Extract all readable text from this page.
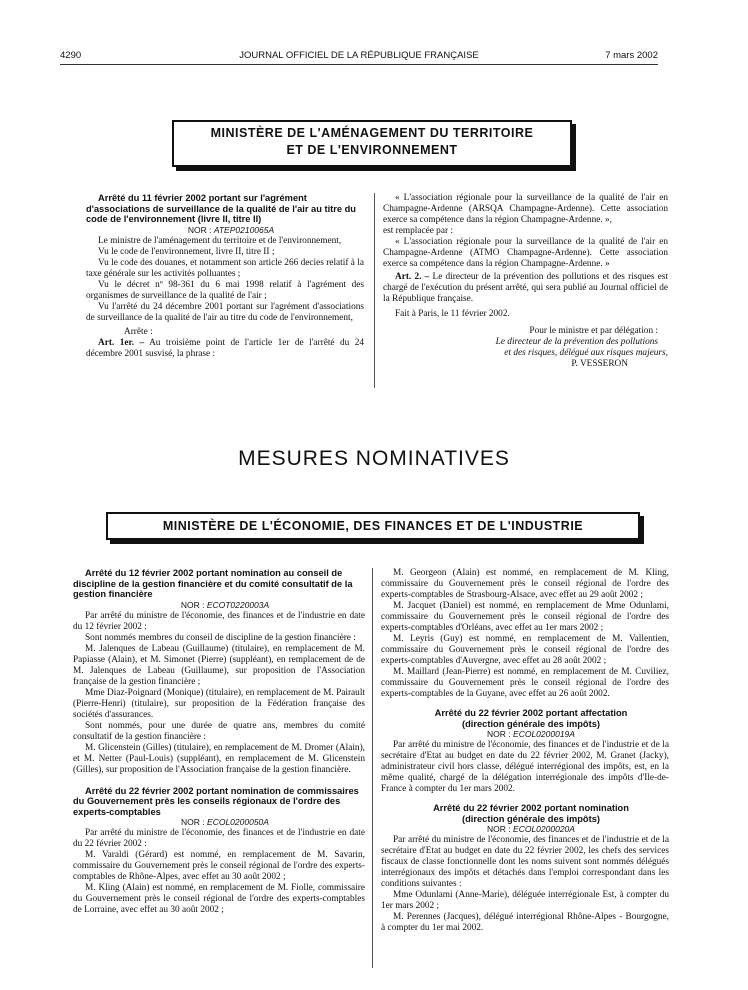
4290	JOURNAL OFFICIEL DE LA RÉPUBLIQUE FRANÇAISE	7 mars 2002
MINISTÈRE DE L'AMÉNAGEMENT DU TERRITOIRE
ET DE L'ENVIRONNEMENT

Arrêté du 11 février 2002 portant sur l'agrément d'associations de surveillance de la qualité de l'air au titre du code de l'environnement (livre II, titre II)

NOR : ATEP0210065A

Le ministre de l'aménagement du territoire et de l'environnement,

Vu le code de l'environnement, livre II, titre II ;

Vu le code des douanes, et notamment son article 266 decies relatif à la taxe générale sur les activités polluantes ;

Vu le décret nº 98-361 du 6 mai 1998 relatif à l'agrément des organismes de surveillance de la qualité de l'air ;

Vu l'arrêté du 24 décembre 2001 portant sur l'agrément d'associations de surveillance de la qualité de l'air au titre du code de l'environnement,

Arrête :

Art. 1er. – Au troisième point de l'article 1er de l'arrêté du 24 décembre 2001 susvisé, la phrase :

« L'association régionale pour la surveillance de la qualité de l'air en Champagne-Ardenne (ARSQA Champagne-Ardenne). Cette association exerce sa compétence dans la région Champagne-Ardenne. »,

est remplacée par :

« L'association régionale pour la surveillance de la qualité de l'air en Champagne-Ardenne (ATMO Champagne-Ardenne). Cette association exerce sa compétence dans la région Champagne-Ardenne. »

Art. 2. – Le directeur de la prévention des pollutions et des risques est chargé de l'exécution du présent arrêté, qui sera publié au Journal officiel de la République française.

Fait à Paris, le 11 février 2002.

Pour le ministre et par délégation :

Le directeur de la prévention des pollutions

et des risques, délégué aux risques majeurs,

P. VESSERON

MESURES NOMINATIVES
MINISTÈRE DE L'ÉCONOMIE, DES FINANCES ET DE L'INDUSTRIE

Arrêté du 12 février 2002 portant nomination au conseil de discipline de la gestion financière et du comité consultatif de la gestion financière

NOR : ECOT0220003A

Par arrêté du ministre de l'économie, des finances et de l'industrie en date du 12 février 2002 :

Sont nommés membres du conseil de discipline de la gestion financière :

M. Jalenques de Labeau (Guillaume) (titulaire), en remplacement de M. Papiasse (Alain), et M. Simonet (Pierre) (suppléant), en remplacement de de M. Jalenques de Labeau (Guillaume), sur proposition de l'Association française de la gestion financière ;

Mme Diaz-Poignard (Monique) (titulaire), en remplacement de M. Pairault (Pierre-Henri) (titulaire), sur proposition de la Fédération française des sociétés d'assurances.

Sont nommés, pour une durée de quatre ans, membres du comité consultatif de la gestion financière :

M. Glicenstein (Gilles) (titulaire), en remplacement de M. Dromer (Alain), et M. Netter (Paul-Louis) (suppléant), en remplacement de M. Glicenstein (Gilles), sur proposition de l'Association française de la gestion financière.

Arrêté du 22 février 2002 portant nomination de commissaires du Gouvernement près les conseils régionaux de l'ordre des experts-comptables

NOR : ECOL0200050A

Par arrêté du ministre de l'économie, des finances et de l'industrie en date du 22 février 2002 :

M. Varaldi (Gérard) est nommé, en remplacement de M. Savarin, commissaire du Gouvernement près le conseil régional de l'ordre des experts-comptables de Rhône-Alpes, avec effet au 30 août 2002 ;

M. Kling (Alain) est nommé, en remplacement de M. Fiolle, commissaire du Gouvernement près le conseil régional de l'ordre des experts-comptables de Lorraine, avec effet au 30 août 2002 ;

M. Georgeon (Alain) est nommé, en remplacement de M. Kling, commissaire du Gouvernement près le conseil régional de l'ordre des experts-comptables de Strasbourg-Alsace, avec effet au 29 août 2002 ;

M. Jacquet (Daniel) est nommé, en remplacement de Mme Odunlami, commissaire du Gouvernement près le conseil régional de l'ordre des experts-comptables d'Orléans, avec effet au 1er mars 2002 ;

M. Leyris (Guy) est nommé, en remplacement de M. Vallentien, commissaire du Gouvernement près le conseil régional de l'ordre des experts-comptables d'Auvergne, avec effet au 28 août 2002 ;

M. Maillard (Jean-Pierre) est nommé, en remplacement de M. Cuviliez, commissaire du Gouvernement près le conseil régional de l'ordre des experts-comptables de la Guyane, avec effet au 26 août 2002.

Arrêté du 22 février 2002 portant affectation

(direction générale des impôts)

NOR : ECOL0200019A

Par arrêté du ministre de l'économie, des finances et de l'industrie et de la secrétaire d'Etat au budget en date du 22 février 2002, M. Granet (Jacky), administrateur civil hors classe, délégué interrégional des impôts, est, en la même qualité, chargé de la délégation interrégionale des impôts d'Ile-de-France à compter du 1er mars 2002.

Arrêté du 22 février 2002 portant nomination

(direction générale des impôts)

NOR : ECOL0200020A

Par arrêté du ministre de l'économie, des finances et de l'industrie et de la secrétaire d'Etat au budget en date du 22 février 2002, les chefs des services fiscaux de classe fonctionnelle dont les noms suivent sont nommés délégués interrégionaux des impôts et détachés dans l'emploi correspondant dans les conditions suivantes :

Mme Odunlami (Anne-Marie), déléguée interrégionale Est, à compter du 1er mars 2002 ;

M. Perennes (Jacques), délégué interrégional Rhône-Alpes - Bourgogne, à compter du 1er mai 2002.
